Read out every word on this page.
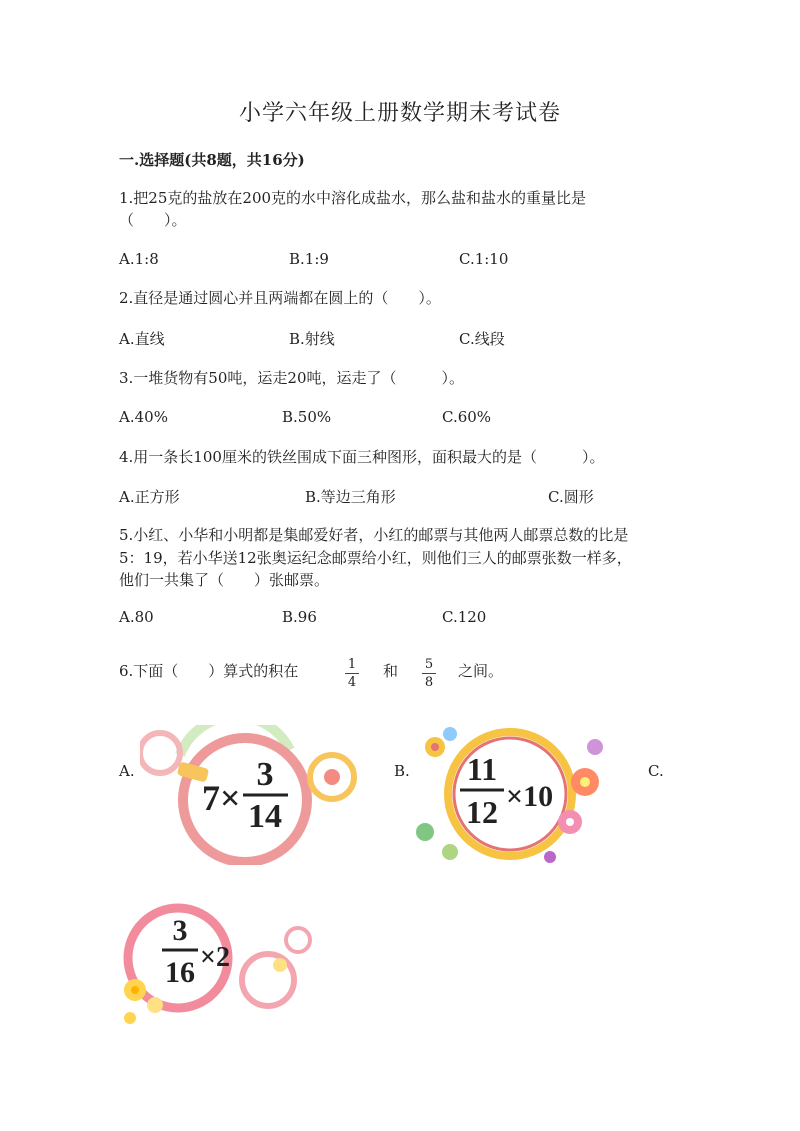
小学六年级上册数学期末考试卷
一.选择题(共8题，共16分)
1.把25克的盐放在200克的水中溶化成盐水，那么盐和盐水的重量比是
（　　）。
A.1:8	B.1:9	C.1:10
2.直径是通过圆心并且两端都在圆上的（　　）。
A.直线	B.射线	C.线段
3.一堆货物有50吨，运走20吨，运走了（　　　）。
A.40%	B.50%	C.60%
4.用一条长100厘米的铁丝围成下面三种图形，面积最大的是（　　　）。
A.正方形	B.等边三角形	C.圆形
5.小红、小华和小明都是集邮爱好者，小红的邮票与其他两人邮票总数的比是
5：19，若小华送12张奥运纪念邮票给小红，则他们三人的邮票张数一样多，
他们一共集了（　　）张邮票。
A.80	B.96	C.120
6.下面（　　）算式的积在	1
4
和 5
8
之间。
A.	B.	C.
7×
3
14
11
12 ×10
3
16 ×2
